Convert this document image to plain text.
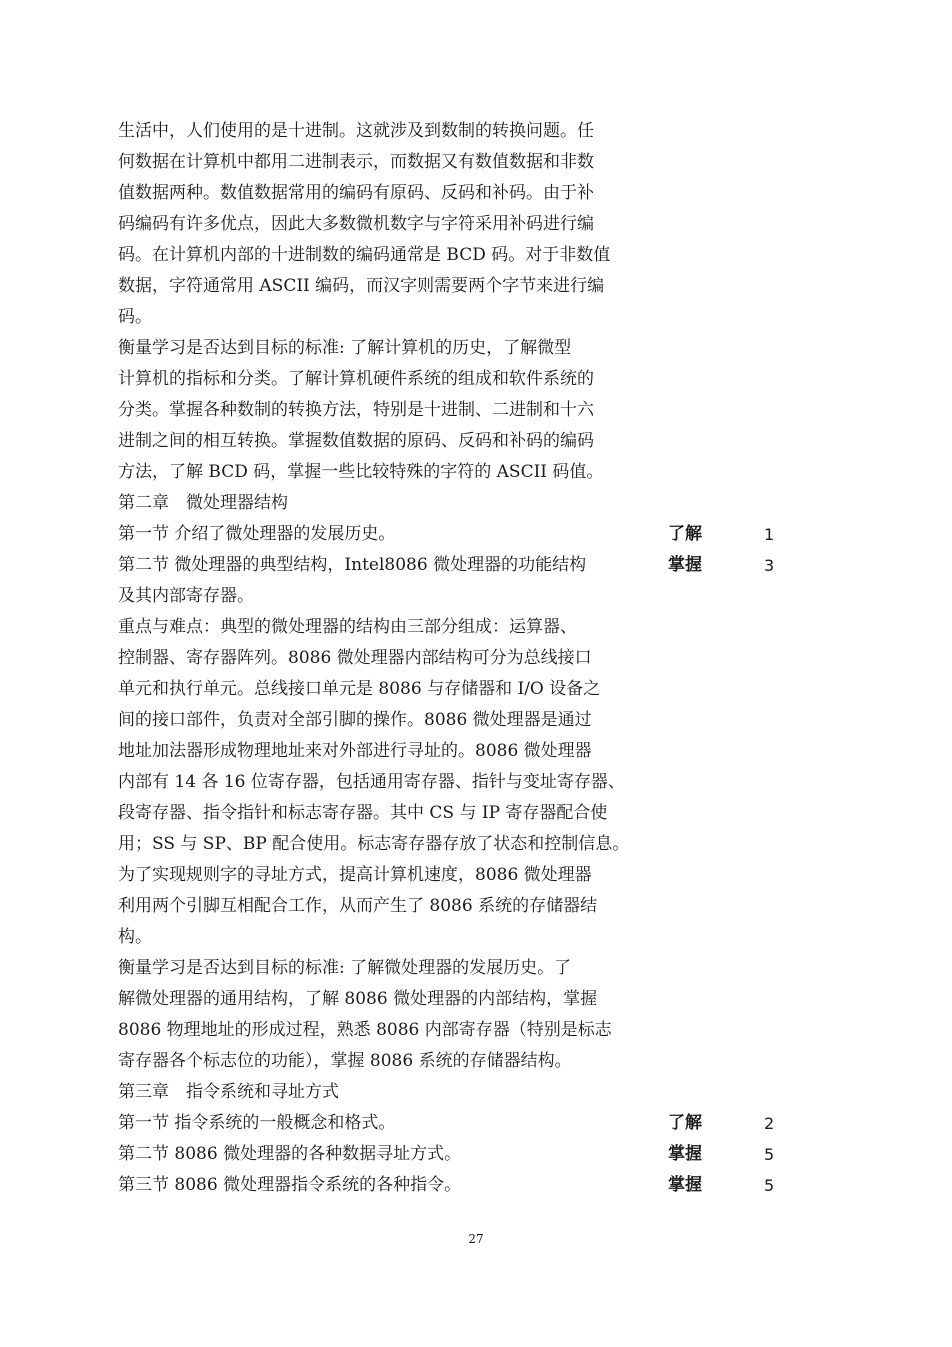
生活中，人们使用的是十进制。这就涉及到数制的转换问题。任
何数据在计算机中都用二进制表示，而数据又有数值数据和非数
值数据两种。数值数据常用的编码有原码、反码和补码。由于补
码编码有许多优点，因此大多数微机数字与字符采用补码进行编
码。在计算机内部的十进制数的编码通常是 BCD 码。对于非数值
数据，字符通常用 ASCII 编码，而汉字则需要两个字节来进行编
码。
衡量学习是否达到目标的标准: 了解计算机的历史，了解微型
计算机的指标和分类。了解计算机硬件系统的组成和软件系统的
分类。掌握各种数制的转换方法，特别是十进制、二进制和十六
进制之间的相互转换。掌握数值数据的原码、反码和补码的编码
方法，了解 BCD 码，掌握一些比较特殊的字符的 ASCII 码值。
第二章　微处理器结构
第一节 介绍了微处理器的发展历史。	了解	1
第二节 微处理器的典型结构，Intel8086 微处理器的功能结构	掌握	3
及其内部寄存器。
重点与难点：典型的微处理器的结构由三部分组成：运算器、
控制器、寄存器阵列。8086 微处理器内部结构可分为总线接口
单元和执行单元。总线接口单元是 8086 与存储器和 I/O 设备之
间的接口部件，负责对全部引脚的操作。8086 微处理器是通过
地址加法器形成物理地址来对外部进行寻址的。8086 微处理器
内部有 14 各 16 位寄存器，包括通用寄存器、指针与变址寄存器、
段寄存器、指令指针和标志寄存器。其中 CS 与 IP 寄存器配合使
用；SS 与 SP、BP 配合使用。标志寄存器存放了状态和控制信息。
为了实现规则字的寻址方式，提高计算机速度，8086 微处理器
利用两个引脚互相配合工作，从而产生了 8086 系统的存储器结
构。
衡量学习是否达到目标的标准: 了解微处理器的发展历史。了
解微处理器的通用结构，了解 8086 微处理器的内部结构，掌握
8086 物理地址的形成过程，熟悉 8086 内部寄存器（特别是标志
寄存器各个标志位的功能），掌握 8086 系统的存储器结构。
第三章　指令系统和寻址方式
第一节 指令系统的一般概念和格式。	了解	2
第二节 8086 微处理器的各种数据寻址方式。	掌握	5
第三节 8086 微处理器指令系统的各种指令。	掌握	5
27
